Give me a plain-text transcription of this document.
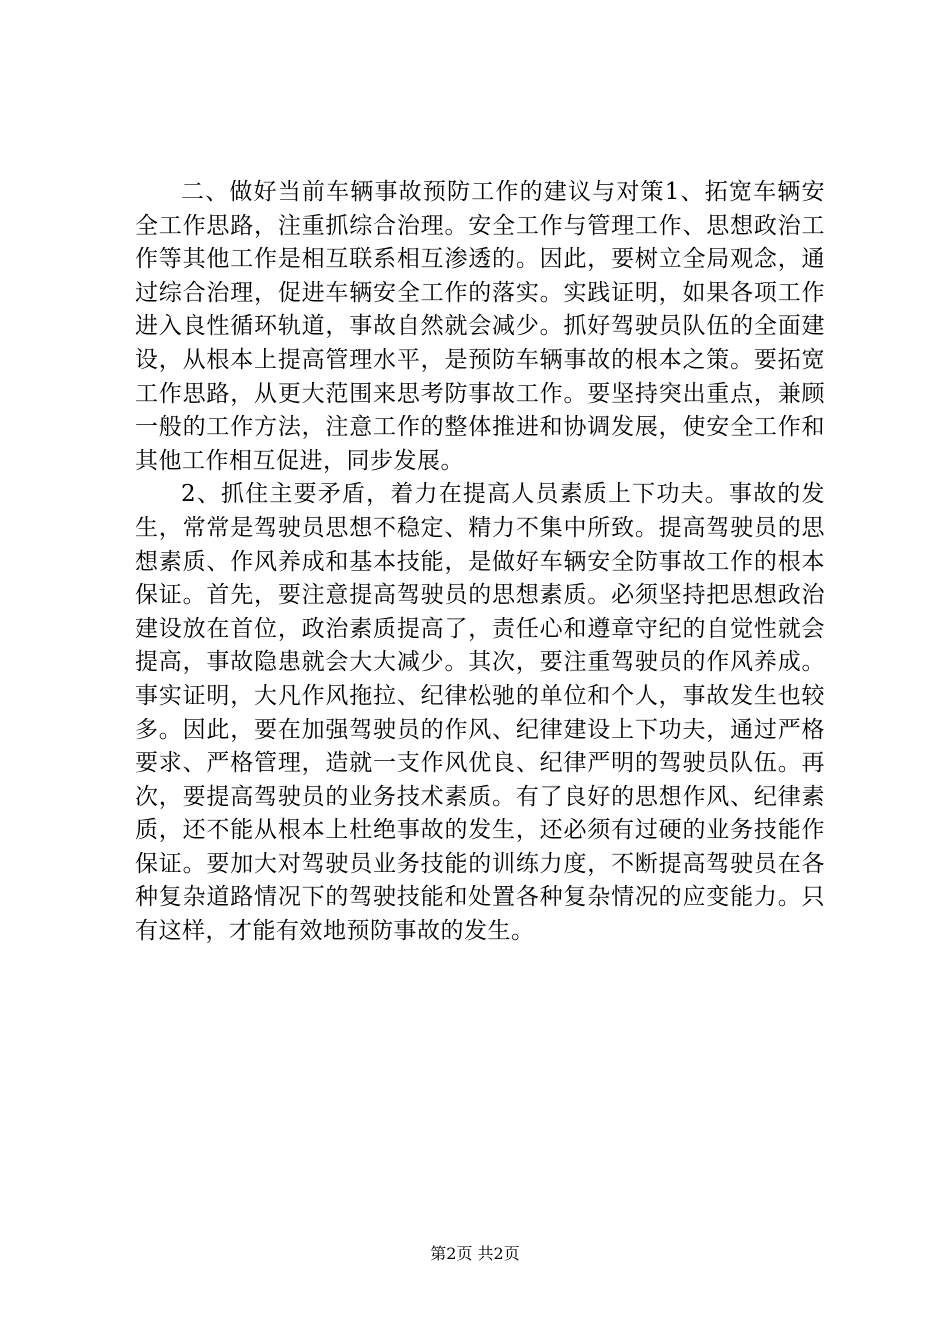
二、做好当前车辆事故预防工作的建议与对策1、拓宽车辆安全工作思路，注重抓综合治理。安全工作与管理工作、思想政治工作等其他工作是相互联系相互渗透的。因此，要树立全局观念，通过综合治理，促进车辆安全工作的落实。实践证明，如果各项工作进入良性循环轨道，事故自然就会减少。抓好驾驶员队伍的全面建设，从根本上提高管理水平，是预防车辆事故的根本之策。要拓宽工作思路，从更大范围来思考防事故工作。要坚持突出重点，兼顾一般的工作方法，注意工作的整体推进和协调发展，使安全工作和其他工作相互促进，同步发展。

2、抓住主要矛盾，着力在提高人员素质上下功夫。事故的发生，常常是驾驶员思想不稳定、精力不集中所致。提高驾驶员的思想素质、作风养成和基本技能，是做好车辆安全防事故工作的根本保证。首先，要注意提高驾驶员的思想素质。必须坚持把思想政治建设放在首位，政治素质提高了，责任心和遵章守纪的自觉性就会提高，事故隐患就会大大减少。其次，要注重驾驶员的作风养成。事实证明，大凡作风拖拉、纪律松驰的单位和个人，事故发生也较多。因此，要在加强驾驶员的作风、纪律建设上下功夫，通过严格要求、严格管理，造就一支作风优良、纪律严明的驾驶员队伍。再次，要提高驾驶员的业务技术素质。有了良好的思想作风、纪律素质，还不能从根本上杜绝事故的发生，还必须有过硬的业务技能作保证。要加大对驾驶员业务技能的训练力度，不断提高驾驶员在各种复杂道路情况下的驾驶技能和处置各种复杂情况的应变能力。只有这样，才能有效地预防事故的发生。

第2页 共2页
